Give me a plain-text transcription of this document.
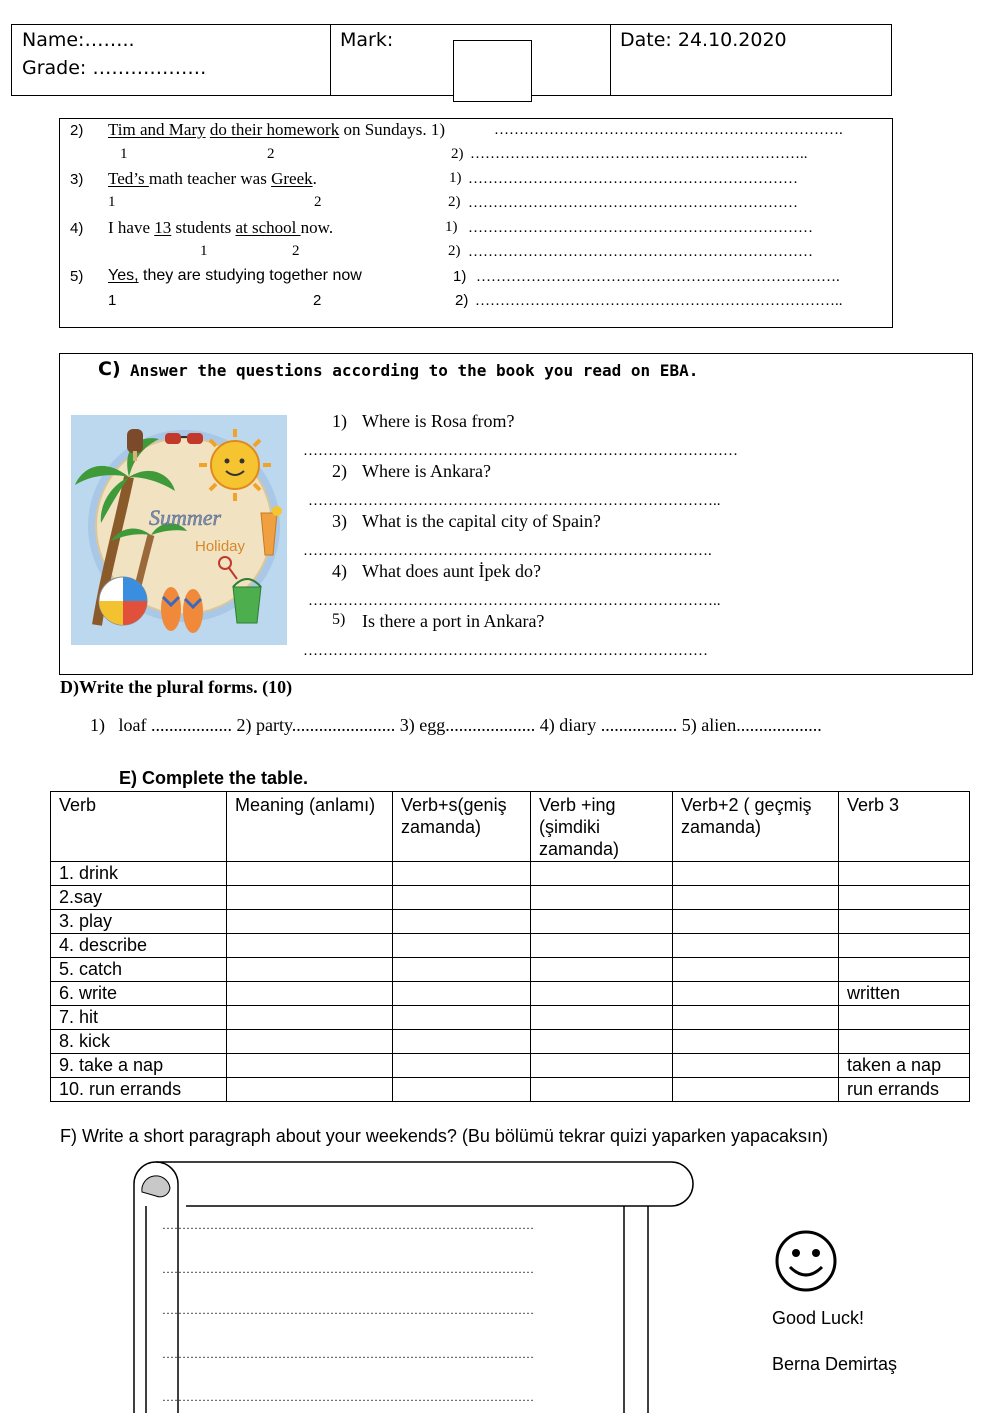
Name:……..
Grade: ………………
Mark:	Date: 24.10.2020
2) Tim and Mary do their homework on Sundays. 1)	…………………………………………………………….
1	2	2) …………………………………………………………..
3) Ted’s math teacher was Greek.	1) …………………………………………………………
1	2	2) …………………………………………………………
4) I have 13 students at school now.	1) ……………………………………………………………
1	2	2) ……………………………………………………………
5) Yes, they are studying together now	1) ……………………………………………………………….
1	2	2) ………………………………………………………………..
C) Answer the questions according to the book you read on EBA.
Summer
Holiday
1) Where is Rosa from?
……………………………………………………………………………
2) Where is Ankara?
………………………………………………………………………..
3) What is the capital city of Spain?
……………………………………………………………………….
4) What does aunt İpek do?
………………………………………………………………………..
5) Is there a port in Ankara?
………………………………………………………………………
D)Write the plural forms. (10)
1)   loaf .................. 2) party....................... 3) egg.................... 4) diary ................. 5) alien...................
E) Complete the table.
Verb	Meaning (anlamı)	Verb+s(geniş zamanda)	Verb +ing (şimdiki zamanda)	Verb+2 ( geçmiş zamanda)	Verb 3
1. drink					
2.say					
3. play					
4. describe					
5. catch					
6. write					written
7. hit					
8. kick					
9. take a nap					taken a nap
10. run errands					run errands
F) Write a short paragraph about your weekends? (Bu bölümü tekrar quizi yaparken yapacaksın)
…………………………………………………………………………………
…………………………………………………………………………………
…………………………………………………………………………………
…………………………………………………………………………………
…………………………………………………………………………………
Good Luck!
Berna Demirtaş
